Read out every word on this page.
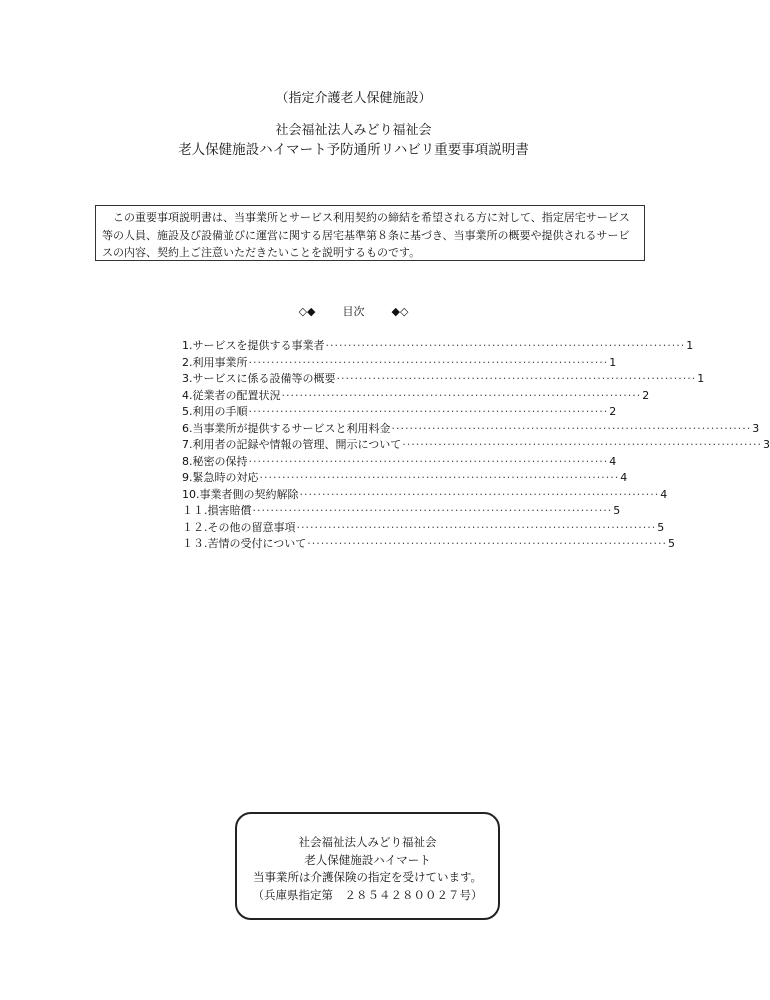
（指定介護老人保健施設）
社会福祉法人みどり福祉会
老人保健施設ハイマート予防通所リハビリ重要事項説明書
この重要事項説明書は、当事業所とサービス利用契約の締結を希望される方に対して、指定居宅サービス等の人員、施設及び設備並びに運営に関する居宅基準第８条に基づき、当事業所の概要や提供されるサービスの内容、契約上ご注意いただきたいことを説明するものです。
◇◆ 目次 ◆◇
1. サービスを提供する事業者 ················································································ 1
2. 利用事業所 ················································································ 1
3. サービスに係る設備等の概要 ················································································ 1
4. 従業者の配置状況 ················································································ 2
5. 利用の手順 ················································································ 2
6. 当事業所が提供するサービスと利用料金 ················································································ 3
7. 利用者の記録や情報の管理、開示について ················································································ 3
8. 秘密の保持 ················································································ 4
9. 緊急時の対応 ················································································ 4
10. 事業者側の契約解除 ················································································ 4
１１. 損害賠償 ················································································ 5
１２. その他の留意事項 ················································································ 5
１３. 苦情の受付について ················································································ 5
社会福祉法人みどり福祉会
老人保健施設ハイマート
当事業所は介護保険の指定を受けています。
（兵庫県指定第　２８５４２８００２７号）
